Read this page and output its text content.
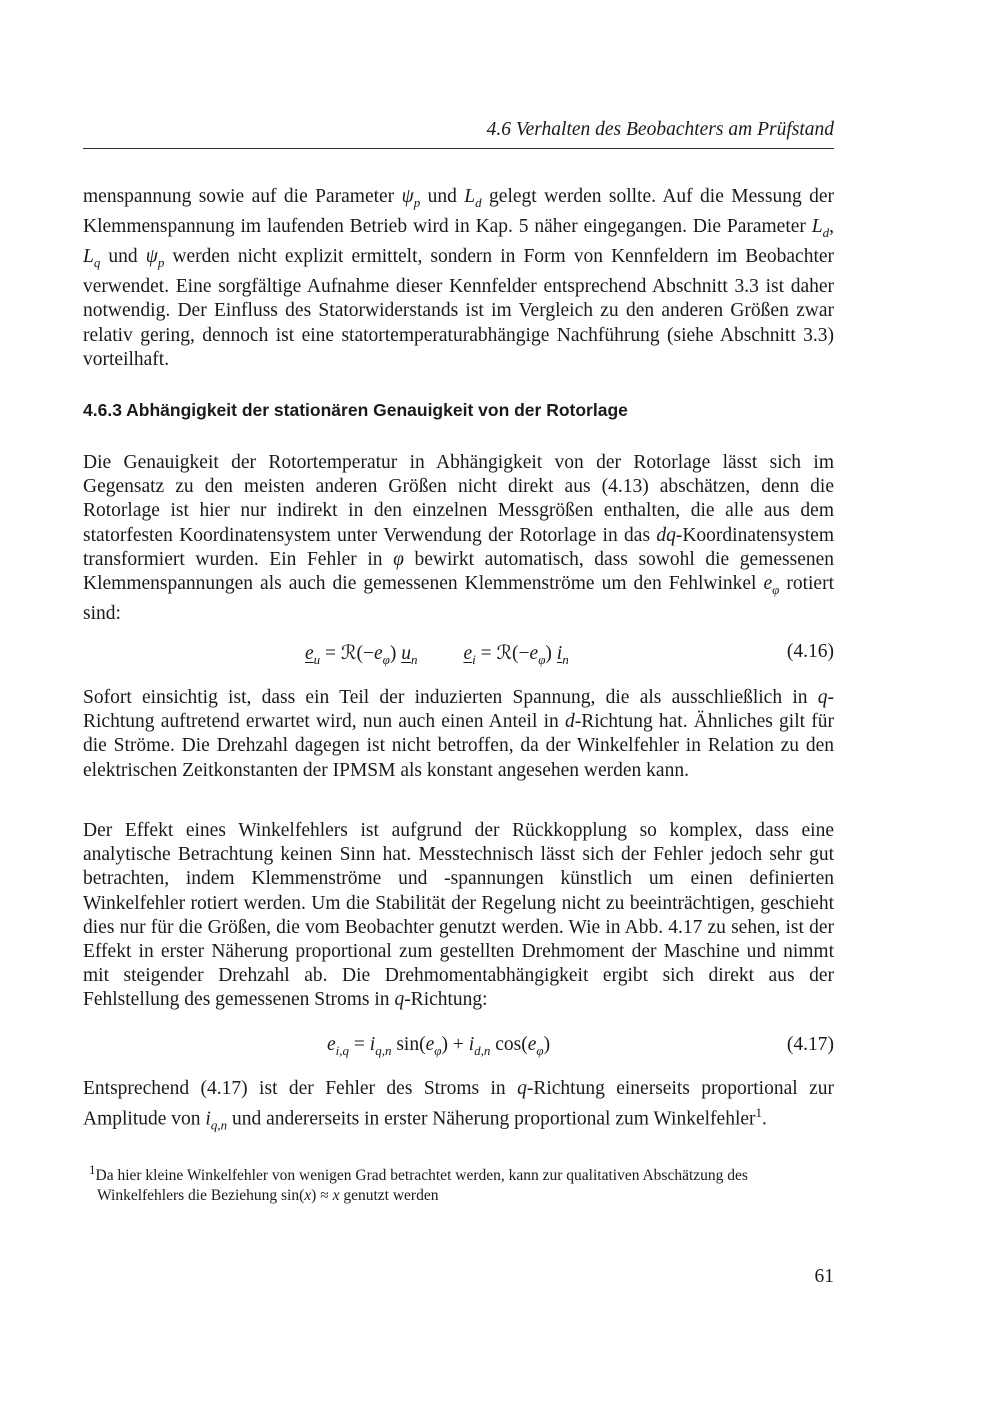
4.6 Verhalten des Beobachters am Prüfstand

menspannung sowie auf die Parameter $\psi_p$ und $L_d$ gelegt werden sollte. Auf die Messung der Klemmenspannung im laufenden Betrieb wird in Kap. 5 näher eingegangen. Die Parameter $L_d$, $L_q$ und $\psi_p$ werden nicht explizit ermittelt, sondern in Form von Kennfeldern im Beobachter verwendet. Eine sorgfältige Aufnahme dieser Kennfelder entsprechend Abschnitt 3.3 ist daher notwendig. Der Einfluss des Statorwiderstands ist im Vergleich zu den anderen Größen zwar relativ gering, dennoch ist eine statortemperaturabhängige Nachführung (siehe Abschnitt 3.3) vorteilhaft.

4.6.3 Abhängigkeit der stationären Genauigkeit von der Rotorlage

Die Genauigkeit der Rotortemperatur in Abhängigkeit von der Rotorlage lässt sich im Gegensatz zu den meisten anderen Größen nicht direkt aus (4.13) abschätzen, denn die Rotorlage ist hier nur indirekt in den einzelnen Messgrößen enthalten, die alle aus dem statorfesten Koordinatensystem unter Verwendung der Rotorlage in das dq-Koordinatensystem transformiert wurden. Ein Fehler in φ bewirkt automatisch, dass sowohl die gemessenen Klemmenspannungen als auch die gemessenen Klemmenströme um den Fehlwinkel $e_\varphi$ rotiert sind:

$e_u$ = $ℛ(-e_\varphi)$ $u_n$ $e_i$ = $ℛ(-e_\varphi)$ $i_n$	(4.16)

Sofort einsichtig ist, dass ein Teil der induzierten Spannung, die als ausschließlich in q-Richtung auftretend erwartet wird, nun auch einen Anteil in d-Richtung hat. Ähnliches gilt für die Ströme. Die Drehzahl dagegen ist nicht betroffen, da der Winkelfehler in Relation zu den elektrischen Zeitkonstanten der IPMSM als konstant angesehen werden kann.

Der Effekt eines Winkelfehlers ist aufgrund der Rückkopplung so komplex, dass eine analytische Betrachtung keinen Sinn hat. Messtechnisch lässt sich der Fehler jedoch sehr gut betrachten, indem Klemmenströme und -spannungen künstlich um einen definierten Winkelfehler rotiert werden. Um die Stabilität der Regelung nicht zu beeinträchtigen, geschieht dies nur für die Größen, die vom Beobachter genutzt werden. Wie in Abb. 4.17 zu sehen, ist der Effekt in erster Näherung proportional zum gestellten Drehmoment der Maschine und nimmt mit steigender Drehzahl ab. Die Drehmomentabhängigkeit ergibt sich direkt aus der Fehlstellung des gemessenen Stroms in q-Richtung:

$e_{i,q} = i_{q,n}$ $\sin(e_\varphi) + i_{d,n}$ $\cos(e_\varphi)$	(4.17)

Entsprechend (4.17) ist der Fehler des Stroms in q-Richtung einerseits proportional zur Amplitude von $i_{q,n}$ und andererseits in erster Näherung proportional zum Winkelfehler$^1$.

$^1$Da hier kleine Winkelfehler von wenigen Grad betrachtet werden, kann zur qualitativen Abschätzung des Winkelfehlers die Beziehung sin(x) ≈ x genutzt werden
61
